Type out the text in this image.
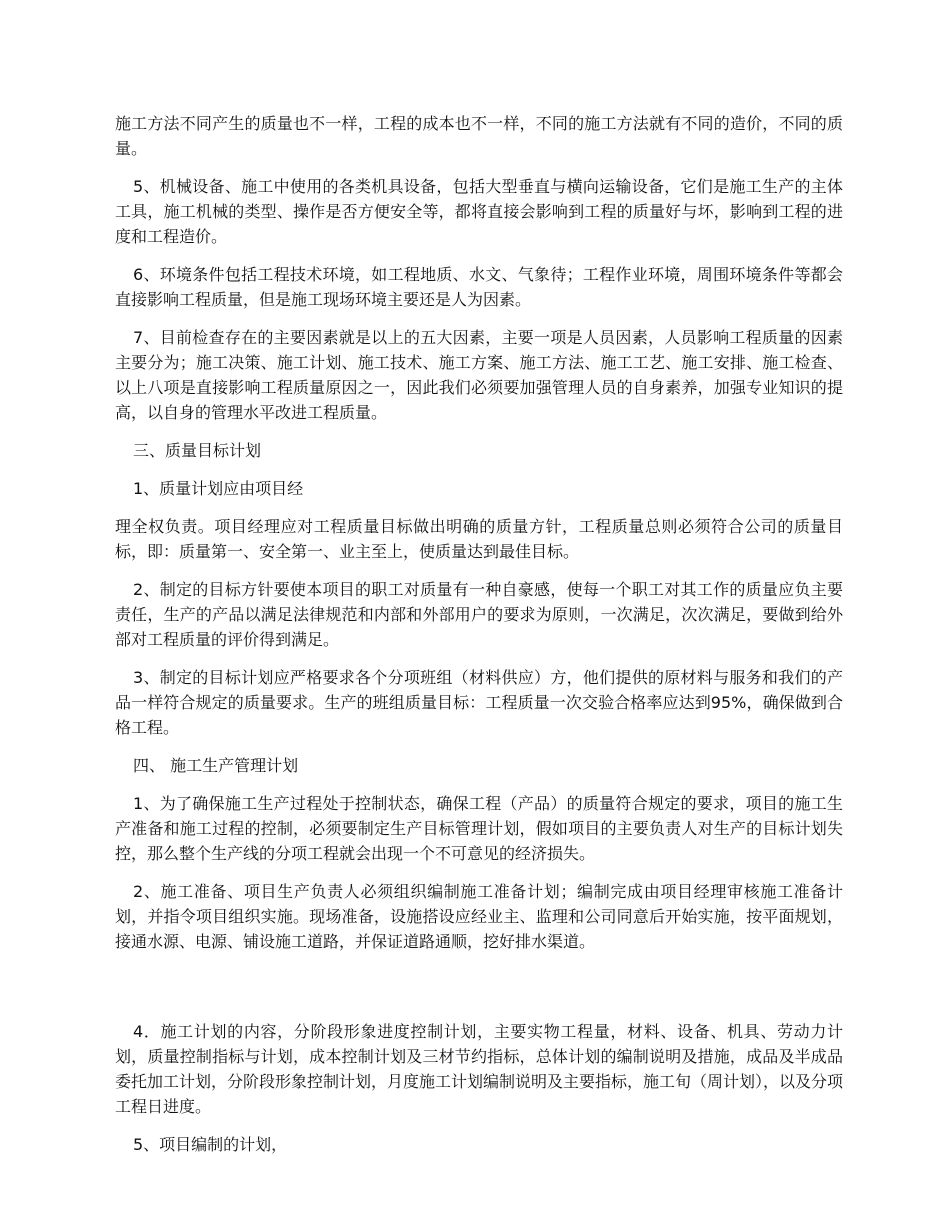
施工方法不同产生的质量也不一样，工程的成本也不一样，不同的施工方法就有不同的造价，不同的质量。

5、机械设备、施工中使用的各类机具设备，包括大型垂直与横向运输设备，它们是施工生产的主体工具，施工机械的类型、操作是否方便安全等，都将直接会影响到工程的质量好与坏，影响到工程的进度和工程造价。

6、环境条件包括工程技术环境，如工程地质、水文、气象待；工程作业环境，周围环境条件等都会直接影响工程质量，但是施工现场环境主要还是人为因素。

7、目前检查存在的主要因素就是以上的五大因素，主要一项是人员因素，人员影响工程质量的因素主要分为；施工决策、施工计划、施工技术、施工方案、施工方法、施工工艺、施工安排、施工检查、以上八项是直接影响工程质量原因之一，因此我们必须要加强管理人员的自身素养，加强专业知识的提高，以自身的管理水平改进工程质量。

三、质量目标计划

1、质量计划应由项目经

理全权负责。项目经理应对工程质量目标做出明确的质量方针，工程质量总则必须符合公司的质量目标，即：质量第一、安全第一、业主至上，使质量达到最佳目标。

2、制定的目标方针要使本项目的职工对质量有一种自豪感，使每一个职工对其工作的质量应负主要责任，生产的产品以满足法律规范和内部和外部用户的要求为原则，一次满足，次次满足，要做到给外部对工程质量的评价得到满足。

3、制定的目标计划应严格要求各个分项班组（材料供应）方，他们提供的原材料与服务和我们的产品一样符合规定的质量要求。生产的班组质量目标：工程质量一次交验合格率应达到95%，确保做到合格工程。

四、 施工生产管理计划

1、为了确保施工生产过程处于控制状态，确保工程（产品）的质量符合规定的要求，项目的施工生产准备和施工过程的控制，必须要制定生产目标管理计划，假如项目的主要负责人对生产的目标计划失控，那么整个生产线的分项工程就会出现一个不可意见的经济损失。

2、施工准备、项目生产负责人必须组织编制施工准备计划；编制完成由项目经理审核施工准备计划，并指令项目组织实施。现场准备，设施搭设应经业主、监理和公司同意后开始实施，按平面规划，接通水源、电源、铺设施工道路，并保证道路通顺，挖好排水渠道。

4．施工计划的内容，分阶段形象进度控制计划，主要实物工程量，材料、设备、机具、劳动力计划，质量控制指标与计划，成本控制计划及三材节约指标，总体计划的编制说明及措施，成品及半成品委托加工计划，分阶段形象控制计划，月度施工计划编制说明及主要指标，施工旬（周计划），以及分项工程日进度。

5、项目编制的计划，
